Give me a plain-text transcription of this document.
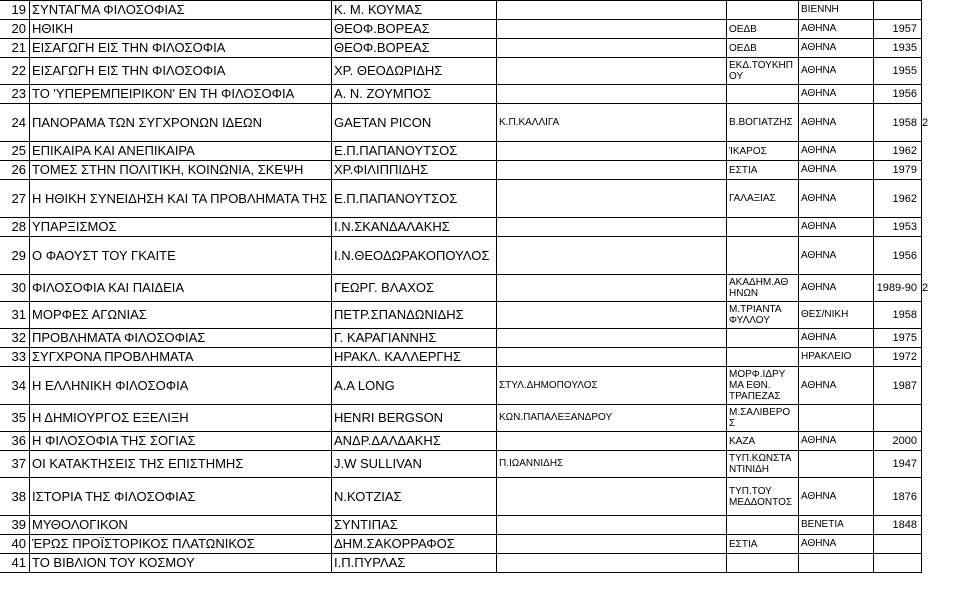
19	ΣΥΝΤΑΓΜΑ ΦΙΛΟΣΟΦΙΑΣ	Κ. Μ. ΚΟΥΜΑΣ			ΒΙΕΝΝΗ		
20	ΗΘΙΚΗ	ΘΕΟΦ.ΒΟΡΕΑΣ		ΟΕΔΒ	ΑΘΗΝΑ	1957	
21	ΕΙΣΑΓΩΓΗ ΕΙΣ ΤΗΝ ΦΙΛΟΣΟΦΙΑ	ΘΕΟΦ.ΒΟΡΕΑΣ		ΟΕΔΒ	ΑΘΗΝΑ	1935	
22	ΕΙΣΑΓΩΓΗ ΕΙΣ ΤΗΝ ΦΙΛΟΣΟΦΙΑ	ΧΡ. ΘΕΟΔΩΡΙΔΗΣ		ΕΚΔ.ΤΟΥΚΗΠ ΟΥ	ΑΘΗΝΑ	1955	
23	ΤΟ 'ΥΠΕΡΕΜΠΕΙΡΙΚΟΝ' ΕΝ ΤΗ ΦΙΛΟΣΟΦΙΑ	Α. Ν. ΖΟΥΜΠΟΣ			ΑΘΗΝΑ	1956	
24	ΠΑΝΟΡΑΜΑ ΤΩΝ ΣΥΓΧΡΟΝΩΝ ΙΔΕΩΝ	GAETAN PICON	Κ.Π.ΚΑΛΛΙΓΑ	Β.ΒΟΓΙΑΤΖΗΣ	ΑΘΗΝΑ	1958	2
25	ΕΠΙΚΑΙΡΑ ΚΑΙ ΑΝΕΠΙΚΑΙΡΑ	Ε.Π.ΠΑΠΑΝΟΥΤΣΟΣ		ΊΚΑΡΟΣ	ΑΘΗΝΑ	1962	
26	ΤΟΜΕΣ ΣΤΗΝ ΠΟΛΙΤΙΚΗ, ΚΟΙΝΩΝΙΑ, ΣΚΕΨΗ	ΧΡ.ΦΙΛΙΠΠΙΔΗΣ		ΕΣΤΙΑ	ΑΘΗΝΑ	1979	
27	Η ΗΘΙΚΗ ΣΥΝΕΙΔΗΣΗ ΚΑΙ ΤΑ ΠΡΟΒΛΗΜΑΤΑ ΤΗΣ	Ε.Π.ΠΑΠΑΝΟΥΤΣΟΣ		ΓΑΛΑΞΙΑΣ	ΑΘΗΝΑ	1962	
28	ΥΠΑΡΞΙΣΜΟΣ	Ι.Ν.ΣΚΑΝΔΑΛΑΚΗΣ			ΑΘΗΝΑ	1953	
29	Ο ΦΑΟΥΣΤ ΤΟΥ ΓΚΑΙΤΕ	Ι.Ν.ΘΕΟΔΩΡΑΚΟΠΟΥΛΟΣ			ΑΘΗΝΑ	1956	
30	ΦΙΛΟΣΟΦΙΑ ΚΑΙ ΠΑΙΔΕΙΑ	ΓΕΩΡΓ. ΒΛΑΧΟΣ		ΑΚΑΔΗΜ.ΑΘ ΗΝΩΝ	ΑΘΗΝΑ	1989-90	2
31	ΜΟΡΦΕΣ ΑΓΩΝΙΑΣ	ΠΕΤΡ.ΣΠΑΝΔΩΝΙΔΗΣ		Μ.ΤΡΙΑΝΤΑ ΦΥΛΛΟΥ	ΘΕΣ/ΝΙΚΗ	1958	
32	ΠΡΟΒΛΗΜΑΤΑ ΦΙΛΟΣΟΦΙΑΣ	Γ. ΚΑΡΑΓΙΑΝΝΗΣ			ΑΘΗΝΑ	1975	
33	ΣΥΓΧΡΟΝΑ ΠΡΟΒΛΗΜΑΤΑ	ΗΡΑΚΛ. ΚΑΛΛΕΡΓΗΣ			ΗΡΑΚΛΕΙΟ	1972	
34	Η ΕΛΛΗΝΙΚΗ ΦΙΛΟΣΟΦΙΑ	A.A LONG	ΣΤΥΛ.ΔΗΜΟΠΟΥΛΟΣ	ΜΟΡΦ.ΙΔΡΥ ΜΑ ΕΘΝ. ΤΡΑΠΕΖΑΣ	ΑΘΗΝΑ	1987	
35	Η ΔΗΜΙΟΥΡΓΟΣ ΕΞΕΛΙΞΗ	HENRI BERGSON	ΚΩΝ.ΠΑΠΑΛΕΞΑΝΔΡΟΥ	Μ.ΣΑΛΙΒΕΡΟ Σ			
36	Η ΦΙΛΟΣΟΦΙΑ ΤΗΣ ΣΟΓΙΑΣ	ΑΝΔΡ.ΔΑΛΔΑΚΗΣ		ΚΑΖΑ	ΑΘΗΝΑ	2000	
37	ΟΙ ΚΑΤΑΚΤΗΣΕΙΣ ΤΗΣ ΕΠΙΣΤΗΜΗΣ	J.W SULLIVAN	Π.ΙΩΑΝΝΙΔΗΣ	ΤΥΠ.ΚΩΝΣΤΑ ΝΤΙΝΙΔΗ		1947	
38	ΙΣΤΟΡΙΑ ΤΗΣ ΦΙΛΟΣΟΦΙΑΣ	Ν.ΚΟΤΖΙΑΣ		ΤΥΠ.ΤΟΥ ΜΕΔΔΟΝΤΟΣ	ΑΘΗΝΑ	1876	
39	ΜΥΘΟΛΟΓΙΚΟΝ	ΣΥΝΤΙΠΑΣ			ΒΕΝΕΤΙΑ	1848	
40	ΈΡΩΣ ΠΡΟΪΣΤΟΡΙΚΟΣ ΠΛΑΤΩΝΙΚΟΣ	ΔΗΜ.ΣΑΚΟΡΡΑΦΟΣ		ΕΣΤΙΑ	ΑΘΗΝΑ		
41	ΤΟ ΒΙΒΛΙΟΝ ΤΟΥ ΚΟΣΜΟΥ	Ι.Π.ΠΥΡΛΑΣ					
